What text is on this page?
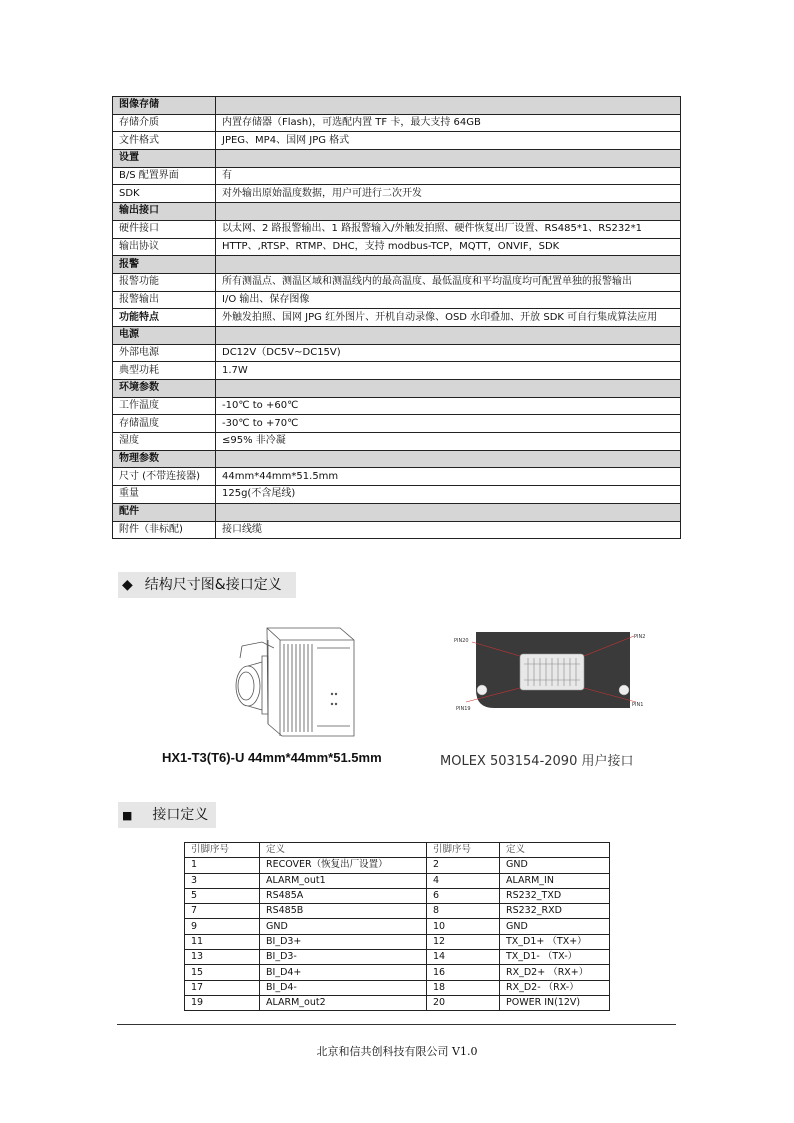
图像存储	
存储介质	内置存储器（Flash)，可选配内置 TF 卡，最大支持 64GB
文件格式	JPEG、MP4、国网 JPG 格式
设置	
B/S 配置界面	有
SDK	对外输出原始温度数据，用户可进行二次开发
输出接口	
硬件接口	以太网、2 路报警输出、1 路报警输入/外触发拍照、硬件恢复出厂设置、RS485*1、RS232*1
输出协议	HTTP、,RTSP、RTMP、DHC，支持 modbus-TCP，MQTT，ONVIF，SDK
报警	
报警功能	所有测温点、测温区域和测温线内的最高温度、最低温度和平均温度均可配置单独的报警输出
报警输出	I/O 输出、保存图像
功能特点	外触发拍照、国网 JPG 红外图片、开机自动录像、OSD 水印叠加、开放 SDK 可自行集成算法应用
电源	
外部电源	DC12V（DC5V~DC15V)
典型功耗	1.7W
环境参数	
工作温度	-10℃ to +60℃
存储温度	-30℃ to +70℃
湿度	≤95% 非冷凝
物理参数	
尺寸 (不带连接器)	44mm*44mm*51.5mm
重量	125g(不含尾线)
配件	
附件（非标配)	接口线缆
◆ 结构尺寸图&接口定义
PIN20
PIN2
PIN19
PIN1
HX1-T3(T6)-U 44mm*44mm*51.5mm	MOLEX 503154-2090 用户接口
■ 接口定义
引脚序号	定义	引脚序号	定义
1	RECOVER（恢复出厂设置）	2	GND
3	ALARM_out1	4	ALARM_IN
5	RS485A	6	RS232_TXD
7	RS485B	8	RS232_RXD
9	GND	10	GND
11	BI_D3+	12	TX_D1+ （TX+）
13	BI_D3-	14	TX_D1- （TX-）
15	BI_D4+	16	RX_D2+ （RX+）
17	BI_D4-	18	RX_D2- （RX-）
19	ALARM_out2	20	POWER IN(12V)
北京和信共创科技有限公司 V1.0
